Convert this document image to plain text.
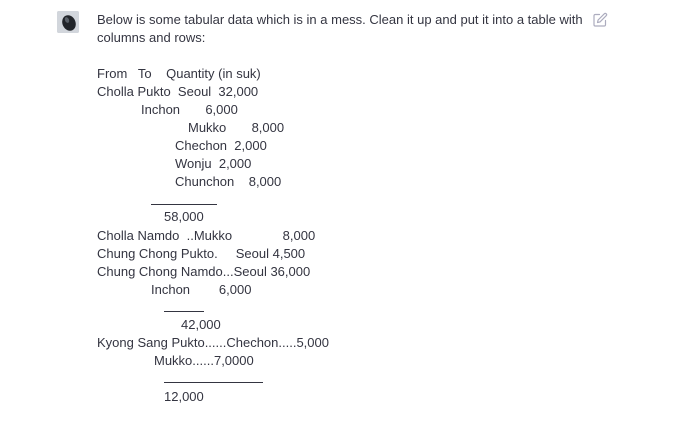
Below is some tabular data which is in a mess. Clean it up and put it into a table with
columns and rows:
From   To    Quantity (in suk)
Cholla Pukto  Seoul  32,000
Inchon       6,000
Mukko       8,000
Chechon  2,000
Wonju  2,000
Chunchon    8,000
58,000
Cholla Namdo  ..Mukko              8,000
Chung Chong Pukto.     Seoul 4,500
Chung Chong Namdo...Seoul 36,000
Inchon        6,000
42,000
Kyong Sang Pukto......Chechon.....5,000
Mukko......7,0000
12,000
